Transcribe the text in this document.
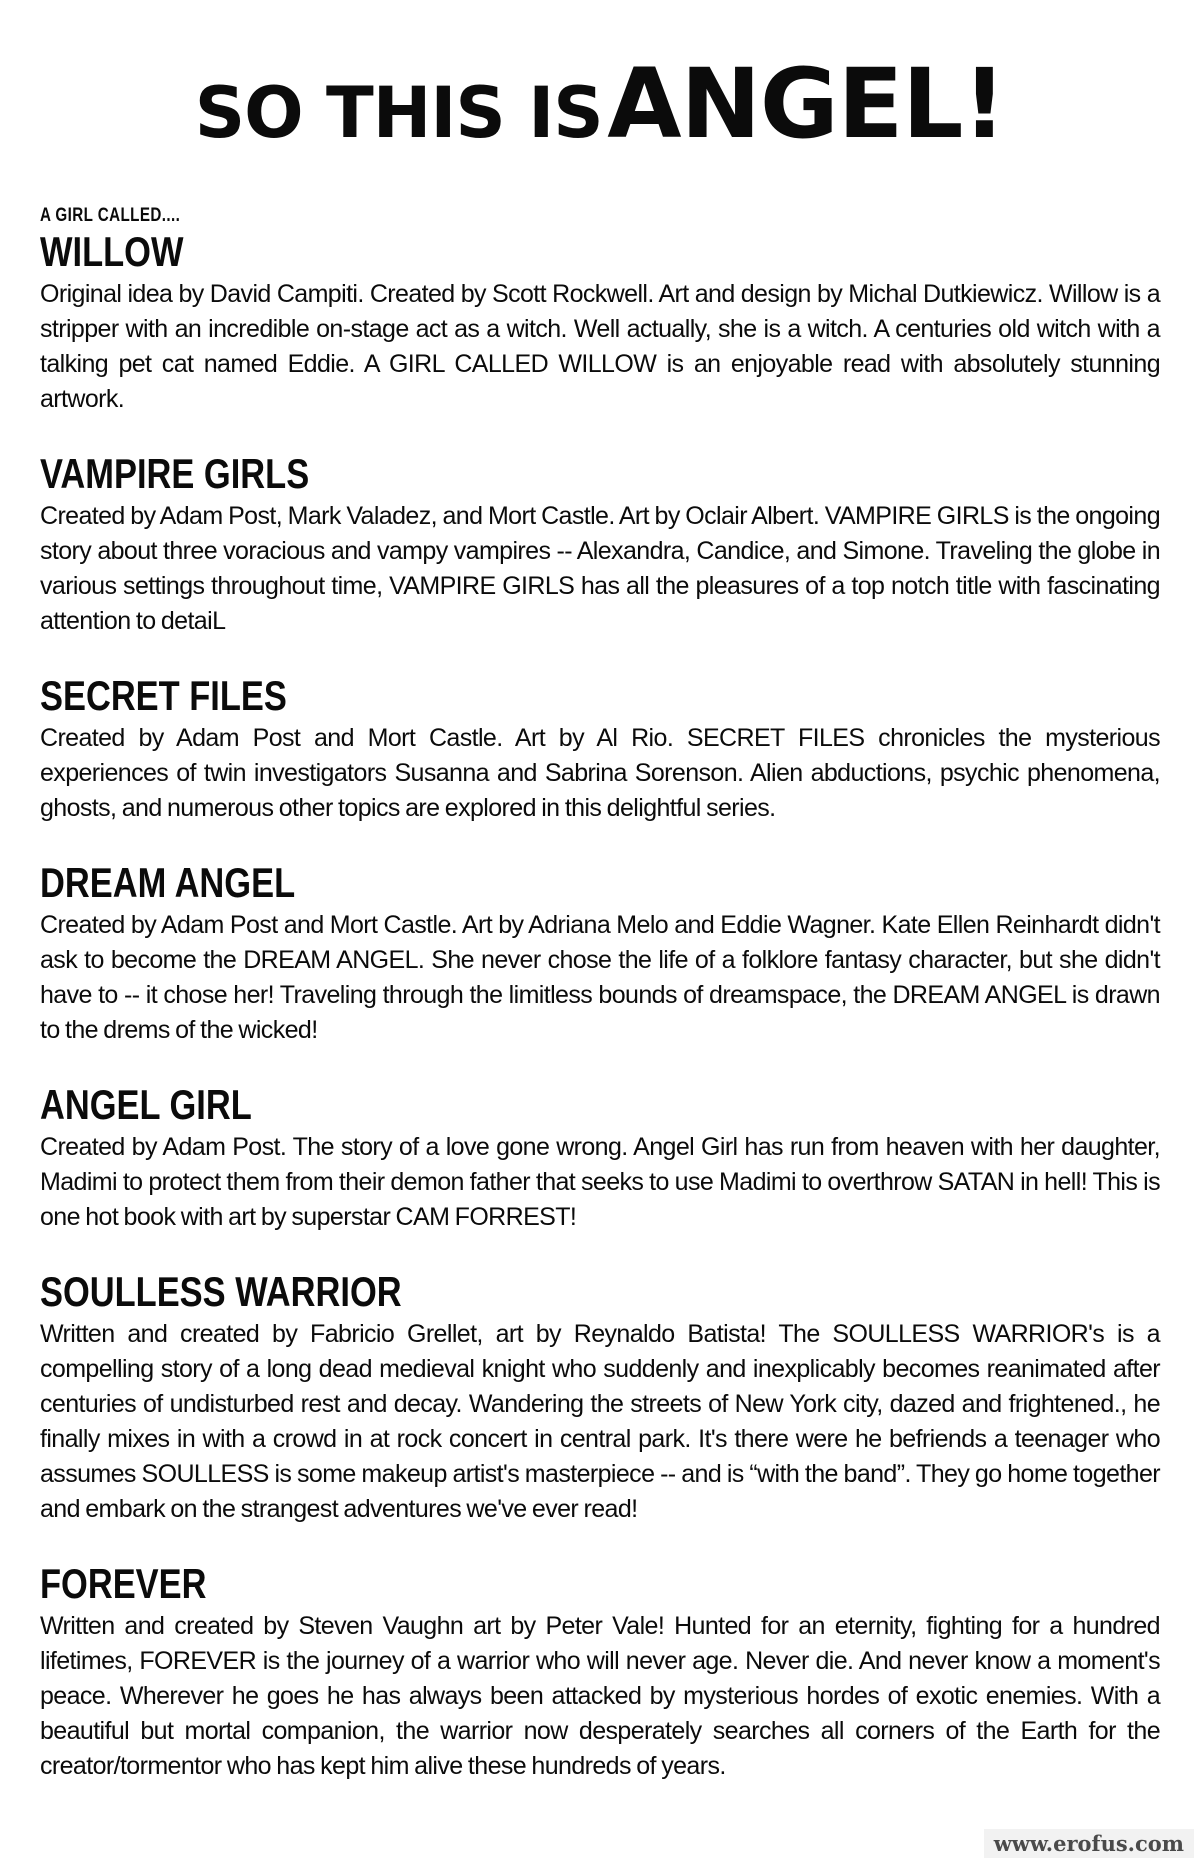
SO THIS IS ANGEL!
A GIRL CALLED....
WILLOW

Original idea by David Campiti. Created by Scott Rockwell. Art and design by Michal Dutkiewicz. Willow is a stripper with an incredible on-stage act as a witch. Well actually, she is a witch. A centuries old witch with a talking pet cat named Eddie. A GIRL CALLED WILLOW is an enjoyable read with absolutely stunning artwork.

VAMPIRE GIRLS

Created by Adam Post, Mark Valadez, and Mort Castle. Art by Oclair Albert. VAMPIRE GIRLS is the ongoing story about three voracious and vampy vampires -- Alexandra, Candice, and Simone. Traveling the globe in various settings throughout time, VAMPIRE GIRLS has all the pleasures of a top notch title with fascinating attention to detaiL

SECRET FILES

Created by Adam Post and Mort Castle. Art by Al Rio. SECRET FILES chronicles the mysterious experiences of twin investigators Susanna and Sabrina Sorenson. Alien abductions, psychic phenomena, ghosts, and numerous other topics are explored in this delightful series.

DREAM ANGEL

Created by Adam Post and Mort Castle. Art by Adriana Melo and Eddie Wagner. Kate Ellen Reinhardt didn't ask to become the DREAM ANGEL. She never chose the life of a folklore fantasy character, but she didn't have to -- it chose her! Traveling through the limitless bounds of dreamspace, the DREAM ANGEL is drawn to the drems of the wicked!

ANGEL GIRL

Created by Adam Post. The story of a love gone wrong. Angel Girl has run from heaven with her daughter, Madimi to protect them from their demon father that seeks to use Madimi to overthrow SATAN in hell! This is one hot book with art by superstar CAM FORREST!

SOULLESS WARRIOR

Written and created by Fabricio Grellet, art by Reynaldo Batista! The SOULLESS WARRIOR's is a compelling story of a long dead medieval knight who suddenly and inexplicably becomes reanimated after centuries of undisturbed rest and decay. Wandering the streets of New York city, dazed and frightened., he finally mixes in with a crowd in at rock concert in central park. It's there were he befriends a teenager who assumes SOULLESS is some makeup artist's masterpiece -- and is “with the band”. They go home together and embark on the strangest adventures we've ever read!

FOREVER

Written and created by Steven Vaughn art by Peter Vale! Hunted for an eternity, fighting for a hundred lifetimes, FOREVER is the journey of a warrior who will never age. Never die. And never know a moment's peace. Wherever he goes he has always been attacked by mysterious hordes of exotic enemies. With a beautiful but mortal companion, the warrior now desperately searches all corners of the Earth for the creator/tormentor who has kept him alive these hundreds of years.

www.erofus.com
